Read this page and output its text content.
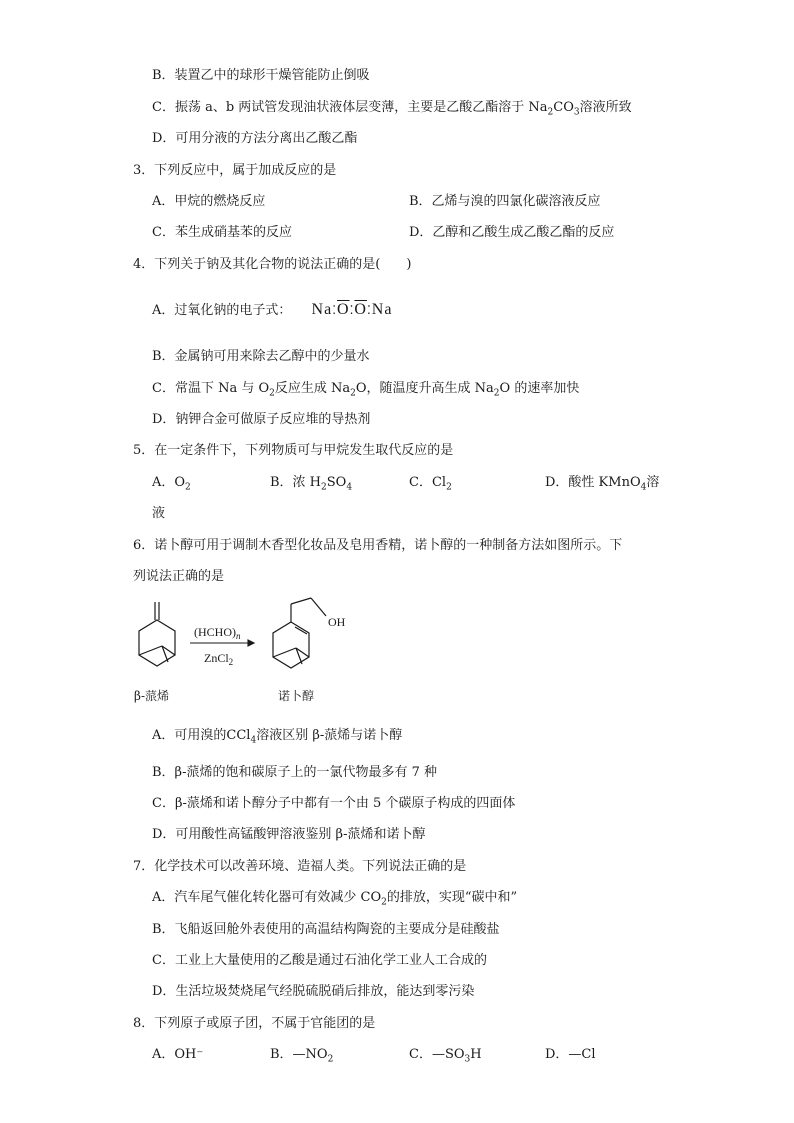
B．装置乙中的球形干燥管能防止倒吸
C．振荡 a、b 两试管发现油状液体层变薄，主要是乙酸乙酯溶于 $Na_2CO_3$溶液所致
D．可用分液的方法分离出乙酸乙酯
3．下列反应中，属于加成反应的是
A．甲烷的燃烧反应	B．乙烯与溴的四氯化碳溶液反应
C．苯生成硝基苯的反应	D．乙醇和乙酸生成乙酸乙酯的反应
4．下列关于钠及其化合物的说法正确的是(　　)
A．过氧化钠的电子式： $Na⁚\overline{O}⁚\overline{O}⁚Na$
B．金属钠可用来除去乙醇中的少量水
C．常温下 Na 与 $O_2$反应生成 $Na_2O$，随温度升高生成 $Na_2O$ 的速率加快
D．钠钾合金可做原子反应堆的导热剂
5．在一定条件下，下列物质可与甲烷发生取代反应的是
A．$O_2$	B．浓 $H_2SO_4$	C．$Cl_2$	D．酸性 KMnO$_4$溶
液
6．诺卜醇可用于调制木香型化妆品及皂用香精，诺卜醇的一种制备方法如图所示。下
列说法正确的是
$(HCHO)_n$
ZnCl$_2$
OH
β-蒎烯	诺卜醇
A．可用溴的CCl$_4$溶液区别 β-蒎烯与诺卜醇
B．β-蒎烯的饱和碳原子上的一氯代物最多有 7 种
C．β-蒎烯和诺卜醇分子中都有一个由 5 个碳原子构成的四面体
D．可用酸性高锰酸钾溶液鉴别 β-蒎烯和诺卜醇
7．化学技术可以改善环境、造福人类。下列说法正确的是
A．汽车尾气催化转化器可有效减少 $CO_2$的排放，实现“碳中和”
B．飞船返回舱外表使用的高温结构陶瓷的主要成分是硅酸盐
C．工业上大量使用的乙酸是通过石油化学工业人工合成的
D．生活垃圾焚烧尾气经脱硫脱硝后排放，能达到零污染
8．下列原子或原子团，不属于官能团的是
A．OH⁻	B．$—NO_2$	C．$—SO_3H$	D．—Cl
